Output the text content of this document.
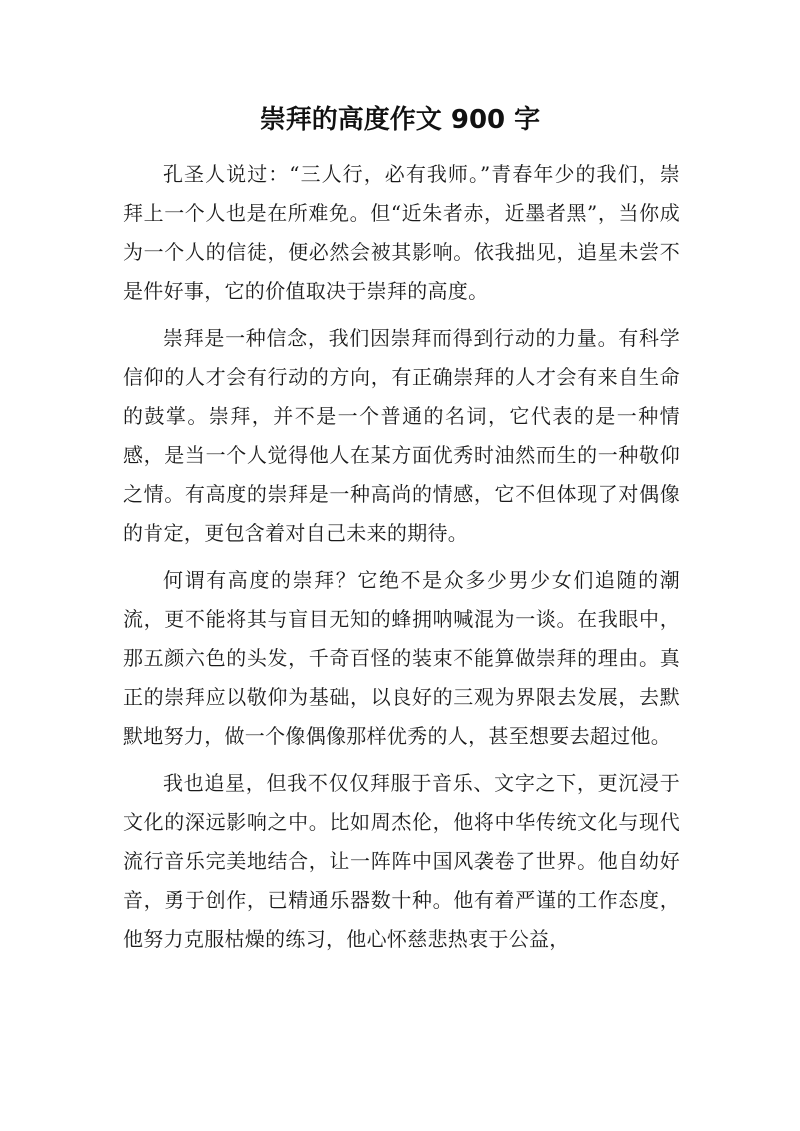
崇拜的高度作文 900 字

孔圣人说过：“三人行，必有我师。”青春年少的我们，崇拜上一个人也是在所难免。但“近朱者赤，近墨者黑”，当你成为一个人的信徒，便必然会被其影响。依我拙见，追星未尝不是件好事，它的价值取决于崇拜的高度。

崇拜是一种信念，我们因崇拜而得到行动的力量。有科学信仰的人才会有行动的方向，有正确崇拜的人才会有来自生命的鼓掌。崇拜，并不是一个普通的名词，它代表的是一种情感，是当一个人觉得他人在某方面优秀时油然而生的一种敬仰之情。有高度的崇拜是一种高尚的情感，它不但体现了对偶像的肯定，更包含着对自己未来的期待。

何谓有高度的崇拜？它绝不是众多少男少女们追随的潮流，更不能将其与盲目无知的蜂拥呐喊混为一谈。在我眼中，那五颜六色的头发，千奇百怪的装束不能算做崇拜的理由。真正的崇拜应以敬仰为基础，以良好的三观为界限去发展，去默默地努力，做一个像偶像那样优秀的人，甚至想要去超过他。

我也追星，但我不仅仅拜服于音乐、文字之下，更沉浸于文化的深远影响之中。比如周杰伦，他将中华传统文化与现代流行音乐完美地结合，让一阵阵中国风袭卷了世界。他自幼好音，勇于创作，已精通乐器数十种。他有着严谨的工作态度，他努力克服枯燥的练习，他心怀慈悲热衷于公益，
